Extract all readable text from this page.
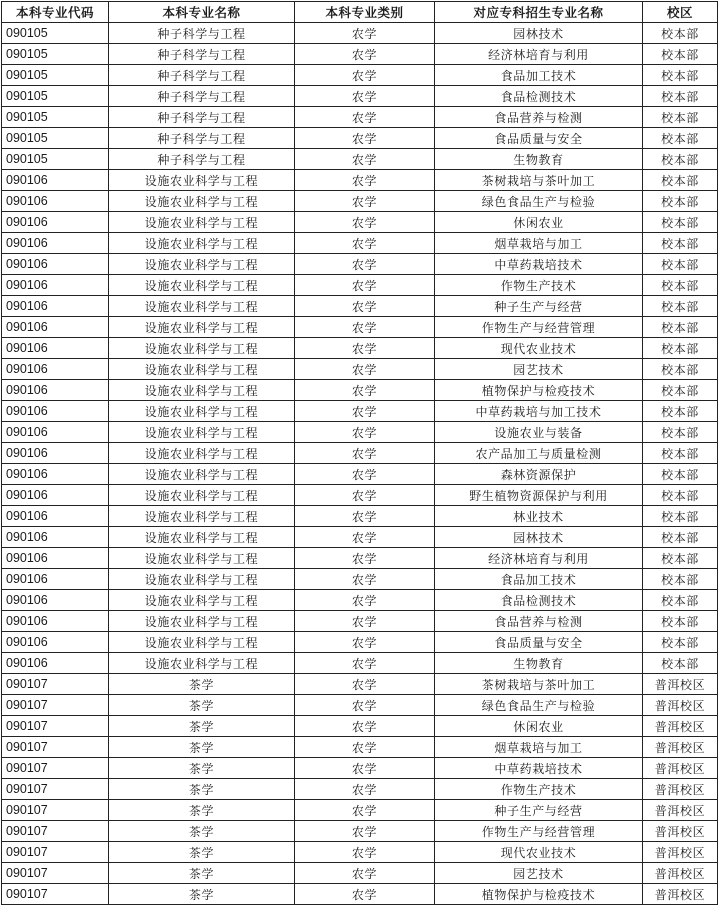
本科专业代码	本科专业名称	本科专业类别	对应专科招生专业名称	校区
090105	种子科学与工程	农学	园林技术	校本部
090105	种子科学与工程	农学	经济林培育与利用	校本部
090105	种子科学与工程	农学	食品加工技术	校本部
090105	种子科学与工程	农学	食品检测技术	校本部
090105	种子科学与工程	农学	食品营养与检测	校本部
090105	种子科学与工程	农学	食品质量与安全	校本部
090105	种子科学与工程	农学	生物教育	校本部
090106	设施农业科学与工程	农学	茶树栽培与茶叶加工	校本部
090106	设施农业科学与工程	农学	绿色食品生产与检验	校本部
090106	设施农业科学与工程	农学	休闲农业	校本部
090106	设施农业科学与工程	农学	烟草栽培与加工	校本部
090106	设施农业科学与工程	农学	中草药栽培技术	校本部
090106	设施农业科学与工程	农学	作物生产技术	校本部
090106	设施农业科学与工程	农学	种子生产与经营	校本部
090106	设施农业科学与工程	农学	作物生产与经营管理	校本部
090106	设施农业科学与工程	农学	现代农业技术	校本部
090106	设施农业科学与工程	农学	园艺技术	校本部
090106	设施农业科学与工程	农学	植物保护与检疫技术	校本部
090106	设施农业科学与工程	农学	中草药栽培与加工技术	校本部
090106	设施农业科学与工程	农学	设施农业与装备	校本部
090106	设施农业科学与工程	农学	农产品加工与质量检测	校本部
090106	设施农业科学与工程	农学	森林资源保护	校本部
090106	设施农业科学与工程	农学	野生植物资源保护与利用	校本部
090106	设施农业科学与工程	农学	林业技术	校本部
090106	设施农业科学与工程	农学	园林技术	校本部
090106	设施农业科学与工程	农学	经济林培育与利用	校本部
090106	设施农业科学与工程	农学	食品加工技术	校本部
090106	设施农业科学与工程	农学	食品检测技术	校本部
090106	设施农业科学与工程	农学	食品营养与检测	校本部
090106	设施农业科学与工程	农学	食品质量与安全	校本部
090106	设施农业科学与工程	农学	生物教育	校本部
090107	茶学	农学	茶树栽培与茶叶加工	普洱校区
090107	茶学	农学	绿色食品生产与检验	普洱校区
090107	茶学	农学	休闲农业	普洱校区
090107	茶学	农学	烟草栽培与加工	普洱校区
090107	茶学	农学	中草药栽培技术	普洱校区
090107	茶学	农学	作物生产技术	普洱校区
090107	茶学	农学	种子生产与经营	普洱校区
090107	茶学	农学	作物生产与经营管理	普洱校区
090107	茶学	农学	现代农业技术	普洱校区
090107	茶学	农学	园艺技术	普洱校区
090107	茶学	农学	植物保护与检疫技术	普洱校区
